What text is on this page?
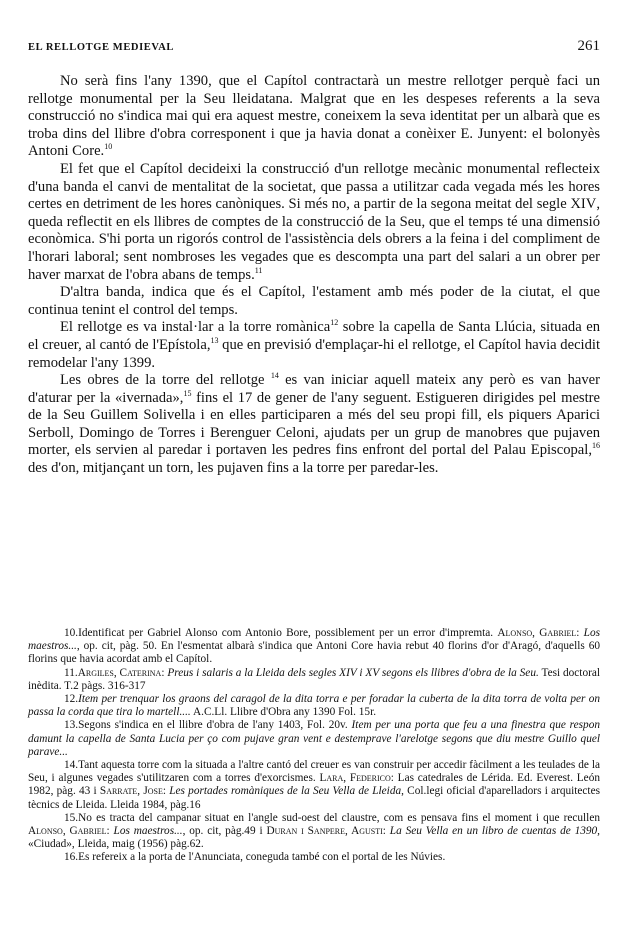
EL RELLOTGE MEDIEVAL	261

No serà fins l'any 1390, que el Capítol contractarà un mestre rellotger perquè faci un rellotge monumental per la Seu lleidatana. Malgrat que en les despeses referents a la seva construcció no s'indica mai qui era aquest mestre, coneixem la seva identitat per un albarà que es troba dins del llibre d'obra corresponent i que ja havia donat a conèixer E. Junyent: el bolonyès Antoni Core.$^{10}$

El fet que el Capítol decideixi la construcció d'un rellotge mecànic monumental reflecteix d'una banda el canvi de mentalitat de la societat, que passa a utilitzar cada vegada més les hores certes en detriment de les hores canòniques. Si més no, a partir de la segona meitat del segle XIV, queda reflectit en els llibres de comptes de la construcció de la Seu, que el temps té una dimensió econòmica. S'hi porta un rigorós control de l'assistència dels obrers a la feina i del compliment de l'horari laboral; sent nombroses les vegades que es descompta una part del salari a un obrer per haver marxat de l'obra abans de temps.$^{11}$

D'altra banda, indica que és el Capítol, l'estament amb més poder de la ciutat, el que continua tenint el control del temps.

El rellotge es va instal·lar a la torre romànica$^{12}$ sobre la capella de Santa Llúcia, situada en el creuer, al cantó de l'Epístola,$^{13}$ que en previsió d'emplaçar-hi el rellotge, el Capítol havia decidit remodelar l'any 1399.

Les obres de la torre del rellotge $^{14}$ es van iniciar aquell mateix any però es van haver d'aturar per la «ivernada»,$^{15}$ fins el 17 de gener de l'any seguent. Estigueren dirigides pel mestre de la Seu Guillem Solivella i en elles participaren a més del seu propi fill, els piquers Aparici Serboll, Domingo de Torres i Berenguer Celoni, ajudats per un grup de manobres que pujaven morter, els servien al paredar i portaven les pedres fins enfront del portal del Palau Episcopal,$^{16}$ des d'on, mitjançant un torn, les pujaven fins a la torre per paredar-les.

10.Identificat per Gabriel Alonso com Antonio Bore, possiblement per un error d'impremta. Alonso, Gabriel: Los maestros..., op. cit, pàg. 50. En l'esmentat albarà s'indica que Antoni Core havia rebut 40 florins d'or d'Aragó, d'aquells 60 florins que havia acordat amb el Capítol.

11.Argiles, Caterina: Preus i salaris a la Lleida dels segles XIV i XV segons els llibres d'obra de la Seu. Tesi doctoral inèdita. T.2 pàgs. 316-317

12.Item per trenquar los graons del caragol de la dita torra e per foradar la cuberta de la dita torra de volta per on passa la corda que tira lo martell.... A.C.Ll. Llibre d'Obra any 1390 Fol. 15r.

13.Segons s'indica en el llibre d'obra de l'any 1403, Fol. 20v. Item per una porta que feu a una finestra que respon damunt la capella de Santa Lucia per ço com pujave gran vent e destemprave l'arelotge segons que diu mestre Guillo quel parave...

14.Tant aquesta torre com la situada a l'altre cantó del creuer es van construir per accedir fàcilment a les teulades de la Seu, i algunes vegades s'utilitzaren com a torres d'exorcismes. Lara, Federico: Las catedrales de Lérida. Ed. Everest. León 1982, pàg. 43 i Sarrate, Jose: Les portades romàniques de la Seu Vella de Lleida, Col.legi oficial d'aparelladors i arquitectes tècnics de Lleida. Lleida 1984, pàg.16

15.No es tracta del campanar situat en l'angle sud-oest del claustre, com es pensava fins el moment i que recullen Alonso, Gabriel: Los maestros..., op. cit, pàg.49 i Duran i Sanpere, Agusti: La Seu Vella en un libro de cuentas de 1390, «Ciudad», Lleida, maig (1956) pàg.62.

16.Es refereix a la porta de l'Anunciata, coneguda també con el portal de les Núvies.
